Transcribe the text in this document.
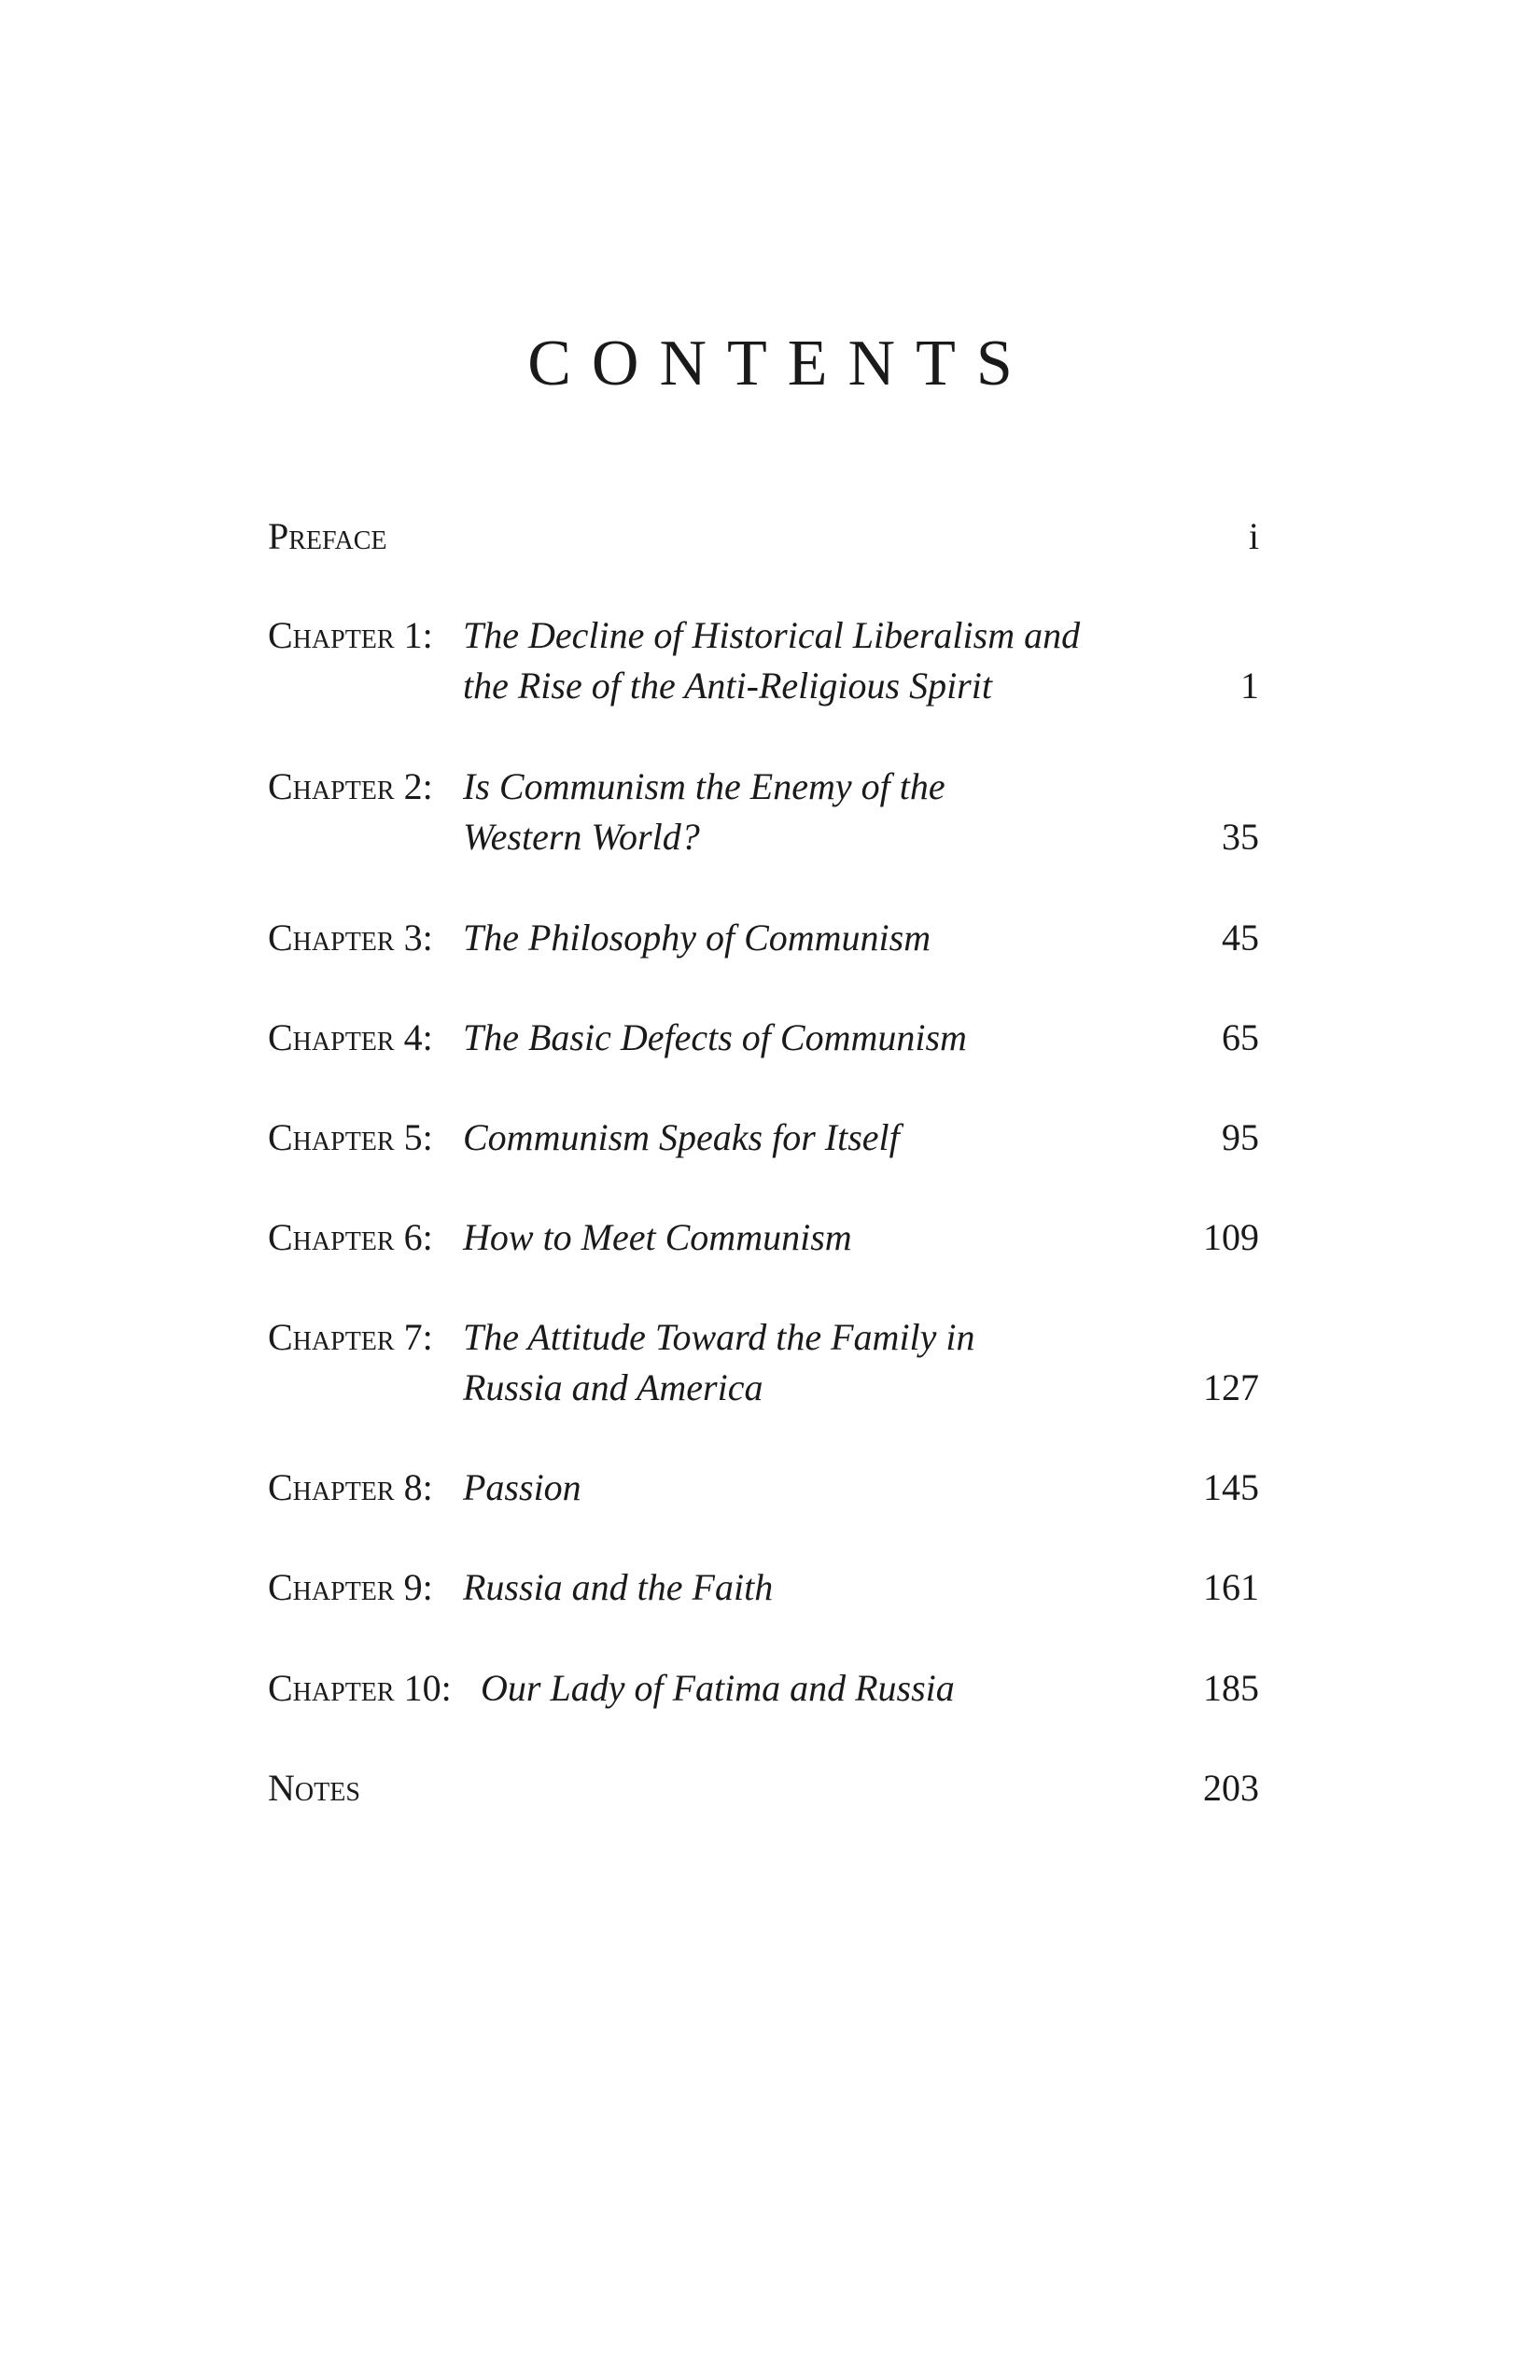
CONTENTS
Preface	i
Chapter 1: The Decline of Historical Liberalism and
the Rise of the Anti-Religious Spirit	1
Chapter 2: Is Communism the Enemy of the
Western World?	35
Chapter 3: The Philosophy of Communism	45
Chapter 4: The Basic Defects of Communism	65
Chapter 5: Communism Speaks for Itself	95
Chapter 6: How to Meet Communism	109
Chapter 7: The Attitude Toward the Family in
Russia and America	127
Chapter 8: Passion	145
Chapter 9: Russia and the Faith	161
Chapter 10: Our Lady of Fatima and Russia	185
Notes	203
